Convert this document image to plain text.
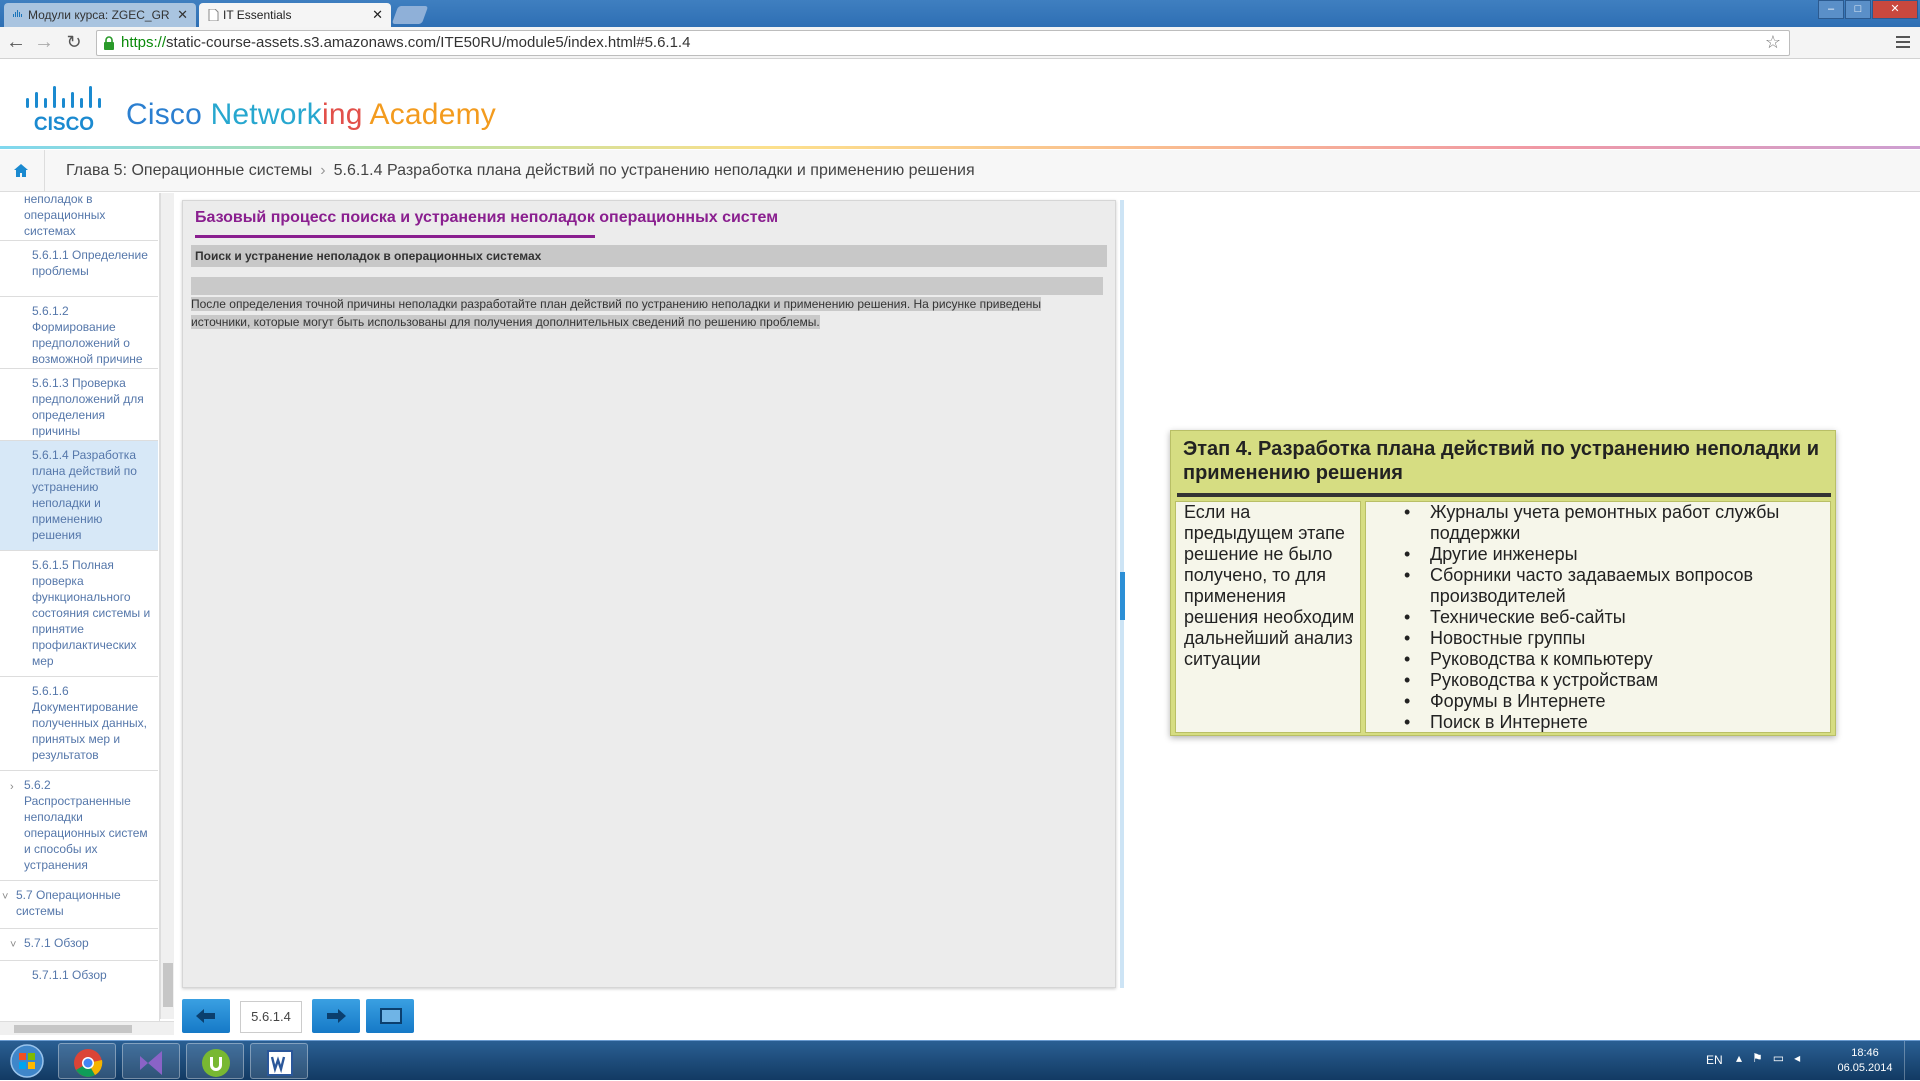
Модули курса: ZGEC_GR ✕	IT Essentials	✕	–	□	✕
← → ↻	https://static-course-assets.s3.amazonaws.com/ITE50RU/module5/index.html#5.6.1.4	☆
CISCO Cisco Networking Academy
Глава 5: Операционные системы › 5.6.1.4 Разработка плана действий по устранению неполадки и применению решения
неполадок в операционных системах
5.6.1.1 Определение проблемы
5.6.1.2 Формирование предположений о возможной причине
5.6.1.3 Проверка предположений для определения причины
5.6.1.4 Разработка плана действий по устранению неполадки и применению решения
5.6.1.5 Полная проверка функционального состояния системы и принятие профилактических мер
5.6.1.6 Документирование полученных данных, принятых мер и результатов
› 5.6.2 Распространенные неполадки операционных систем и способы их устранения
˅ 5.7 Операционные системы
˅ 5.7.1 Обзор
5.7.1.1 Обзор
Базовый процесс поиска и устранения неполадок операционных систем
Поиск и устранение неполадок в операционных системах
После определения точной причины неполадки разработайте план действий по устранению неполадки и применению решения. На рисунке приведены источники, которые могут быть использованы для получения дополнительных сведений по решению проблемы.
Этап 4. Разработка плана действий по устранению неполадки и применению решения
Если на предыдущем этапе решение не было получено, то для применения решения необходим дальнейший анализ ситуации
• Журналы учета ремонтных работ службы поддержки
• Другие инженеры
• Сборники часто задаваемых вопросов производителей
• Технические веб-сайты
• Новостные группы
• Руководства к компьютеру
• Руководства к устройствам
• Форумы в Интернете
• Поиск в Интернете
5.6.1.4
EN ▴⚑▭◂	18:46
06.05.2014
